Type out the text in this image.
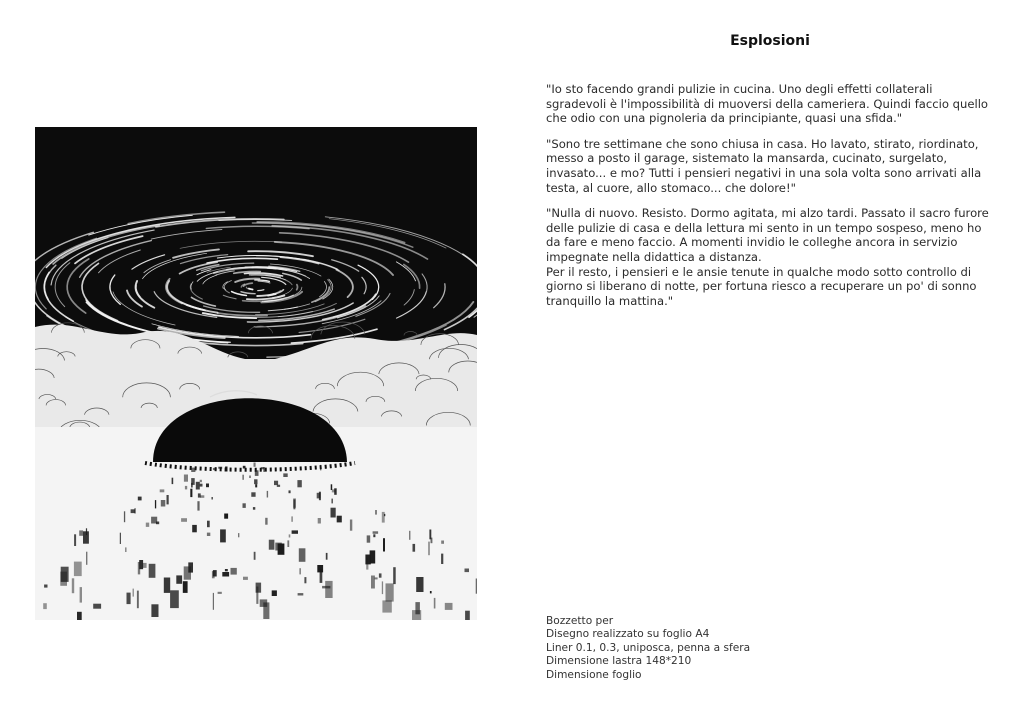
Esplosioni

"Io sto facendo grandi pulizie in cucina. Uno degli effetti collaterali sgradevoli è l'impossibilità di muoversi della cameriera. Quindi faccio quello che odio con una pignoleria da principiante, quasi una sfida."

"Sono tre settimane che sono chiusa in casa. Ho lavato, stirato, riordinato, messo a posto il garage, sistemato la mansarda, cucinato, surgelato, invasato... e mo? Tutti i pensieri negativi in una sola volta sono arrivati alla testa, al cuore, allo stomaco... che dolore!"

"Nulla di nuovo. Resisto. Dormo agitata, mi alzo tardi. Passato il sacro furore delle pulizie di casa e della lettura mi sento in un tempo sospeso, meno ho da fare e meno faccio. A momenti invidio le colleghe ancora in servizio impegnate nella didattica a distanza.

Per il resto, i pensieri e le ansie tenute in qualche modo sotto controllo di giorno si liberano di notte, per fortuna riesco a recuperare un po' di sonno tranquillo la mattina."

Bozzetto per
Disegno realizzato su foglio A4
Liner 0.1, 0.3, uniposca, penna a sfera
Dimensione lastra 148*210
Dimensione foglio
